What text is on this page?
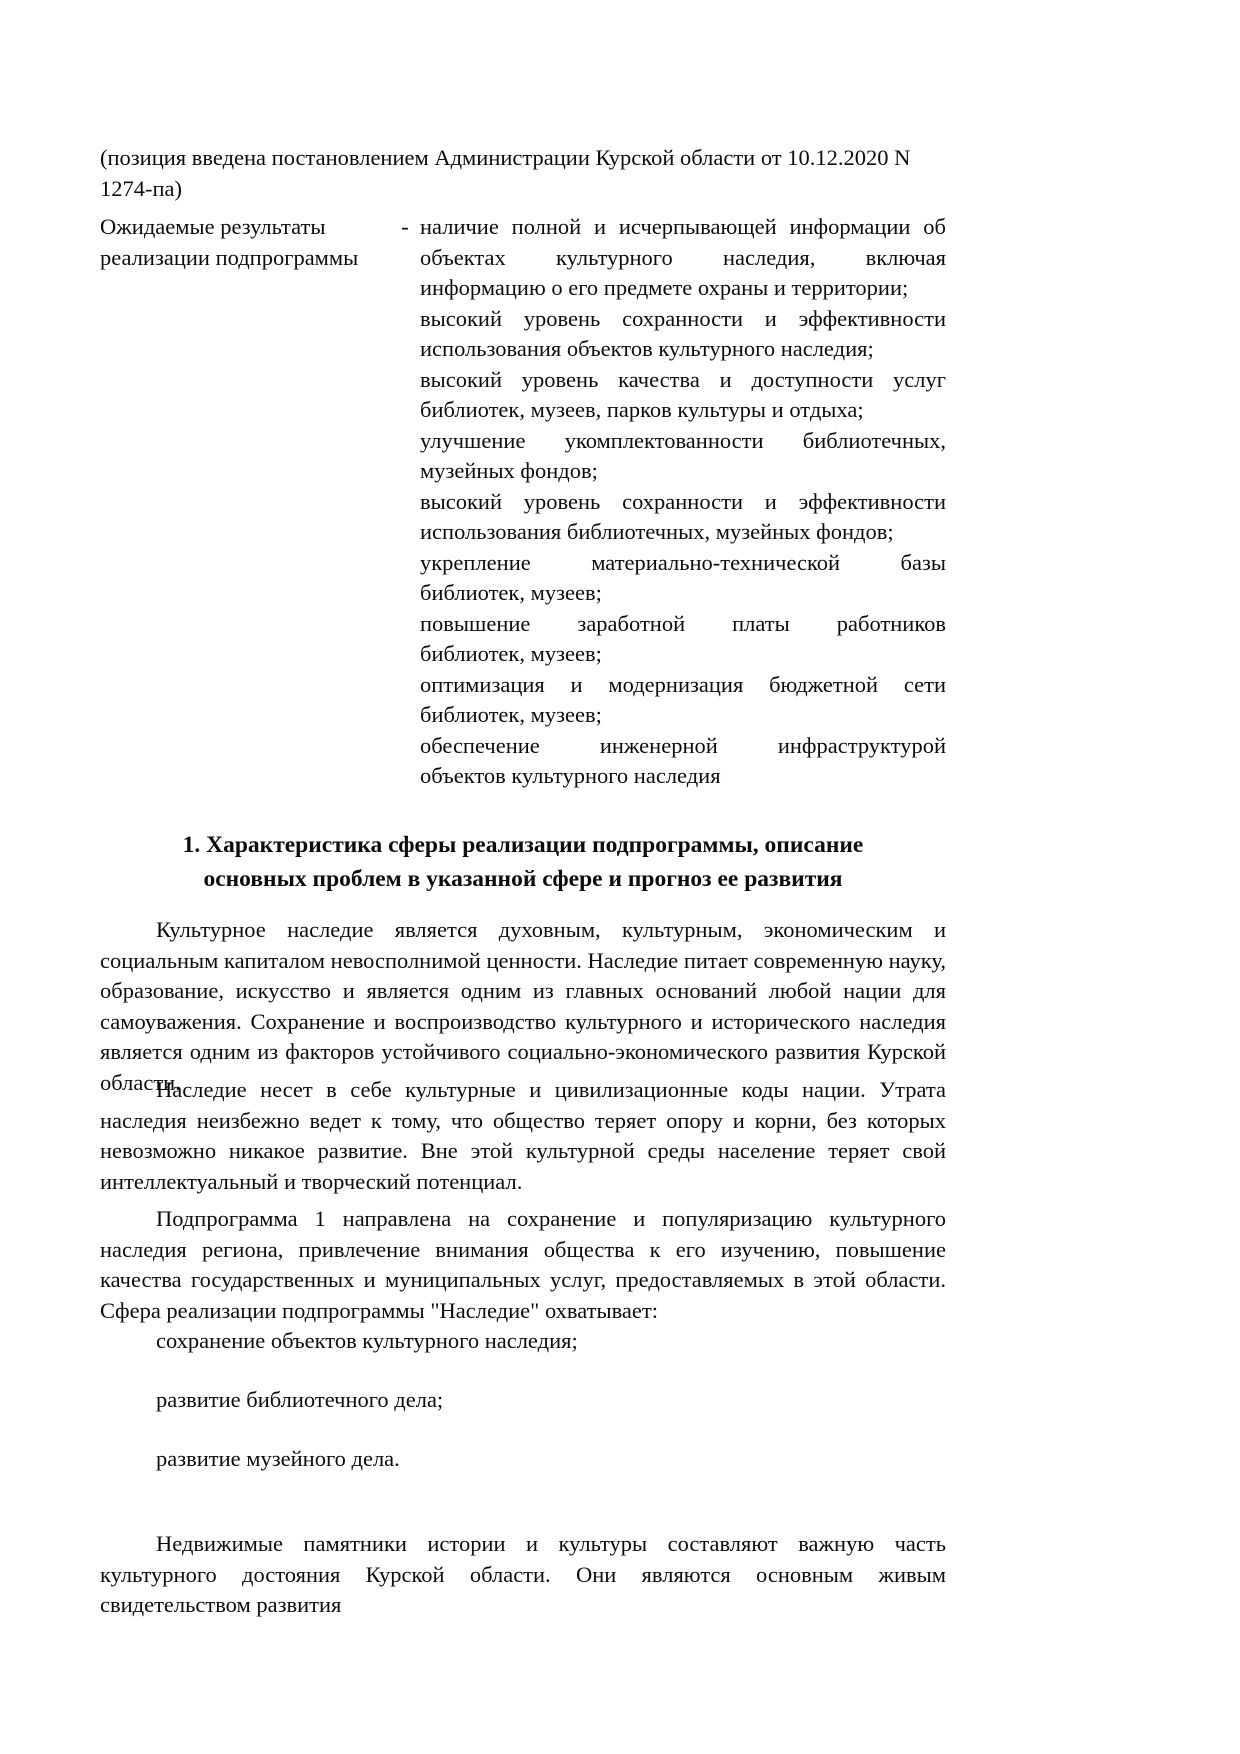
(позиция введена постановлением Администрации Курской области от 10.12.2020 N
1274-па)
Ожидаемые результаты
реализации подпрограммы
- наличие полной и исчерпывающей информации об
объектах культурного наследия, включая
информацию о его предмете охраны и территории;
высокий уровень сохранности и эффективности
использования объектов культурного наследия;
высокий уровень качества и доступности услуг
библиотек, музеев, парков культуры и отдыха;
улучшение укомплектованности библиотечных,
музейных фондов;
высокий уровень сохранности и эффективности
использования библиотечных, музейных фондов;
укрепление материально-технической базы
библиотек, музеев;
повышение заработной платы работников
библиотек, музеев;
оптимизация и модернизация бюджетной сети
библиотек, музеев;
обеспечение инженерной инфраструктурой
объектов культурного наследия
1. Характеристика сферы реализации подпрограммы, описание
основных проблем в указанной сфере и прогноз ее развития

Культурное наследие является духовным, культурным, экономическим и социальным капиталом невосполнимой ценности. Наследие питает современную науку, образование, искусство и является одним из главных оснований любой нации для самоуважения. Сохранение и воспроизводство культурного и исторического наследия является одним из факторов устойчивого социально-экономического развития Курской области.

Наследие несет в себе культурные и цивилизационные коды нации. Утрата наследия неизбежно ведет к тому, что общество теряет опору и корни, без которых невозможно никакое развитие. Вне этой культурной среды население теряет свой интеллектуальный и творческий потенциал.

Подпрограмма 1 направлена на сохранение и популяризацию культурного наследия региона, привлечение внимания общества к его изучению, повышение качества государственных и муниципальных услуг, предоставляемых в этой области. Сфера реализации подпрограммы "Наследие" охватывает:

сохранение объектов культурного наследия;

развитие библиотечного дела;

развитие музейного дела.

Недвижимые памятники истории и культуры составляют важную часть культурного достояния Курской области. Они являются основным живым свидетельством развития
